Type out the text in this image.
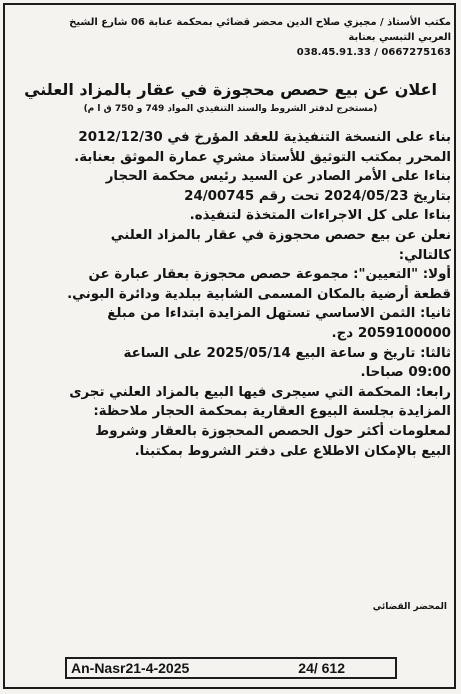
مكتب الأستاذ / مجيزي صلاح الدين محضر قضائي بمحكمة عنابة 06 شارع الشيخ
العربي التبسي بعنابة
038.45.91.33 / 0667275163
اعلان عن بيع حصص محجوزة في عقار بالمزاد العلني
(مستخرج لدفتر الشروط والسند التنفيذي المواد 749 و 750 ق ا م)
بناء على النسخة التنفيذية للعقد المؤرخ في 2012/12/30
المحرر بمكتب التوثيق للأستاذ مشري عمارة الموثق بعنابة.
بناءا على الأمر الصادر عن السيد رئيس محكمة الحجار
بتاريخ 2024/05/23 تحت رقم 24/00745
بناءا على كل الاجراءات المتخذة لتنفيذه.
نعلن عن بيع حصص محجوزة في عقار بالمزاد العلني
كالتالي:
أولا: "التعيين": مجموعة حصص محجوزة بعقار عبارة عن
قطعة أرضية بالمكان المسمى الشابية ببلدية ودائرة البوني.
ثانيا: الثمن الاساسي تستهل المزايدة ابتداءا من مبلغ
2059100000 دج.
ثالثا: تاريخ و ساعة البيع 2025/05/14 على الساعة
09:00 صباحا.
رابعا: المحكمة التي سيجرى فيها البيع بالمزاد العلني تجرى
المزايدة بجلسة البيوع العقارية بمحكمة الحجار ملاحظة:
لمعلومات أكثر حول الحصص المحجوزة بالعقار وشروط
البيع بالإمكان الاطلاع على دفتر الشروط بمكتبنا.
المحضر القضائي
An-Nasr21-4-2025	24/ 612
